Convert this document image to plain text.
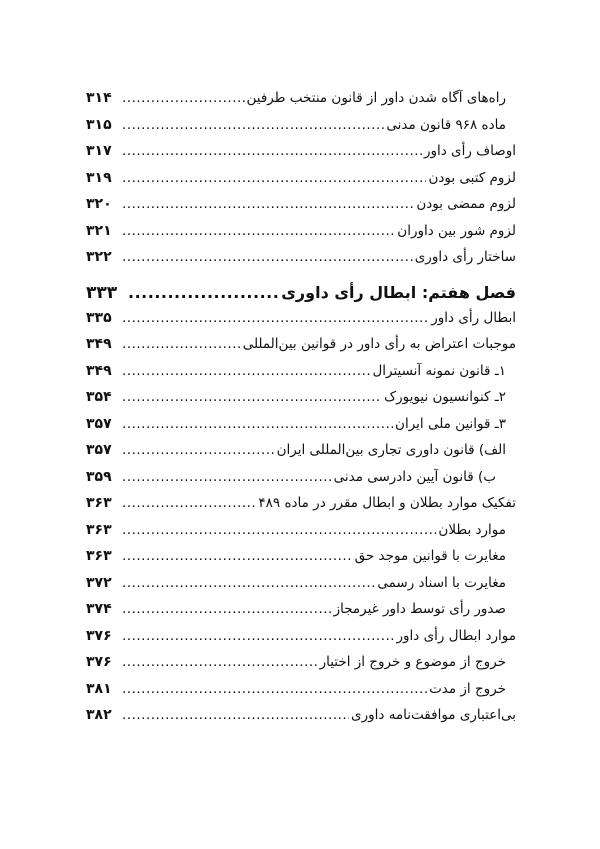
راه‌های آگاه شدن داور از قانون منتخب طرفین
.....
۳۱۴
ماده ۹۶۸ قانون مدنی
.....
۳۱۵
اوصاف رأی داور
.....
۳۱۷
لزوم کتبی بودن
.....
۳۱۹
لزوم ممضی بودن
.....
۳۲۰
لزوم شور بین داوران
.....
۳۲۱
ساختار رأی داوری
.....
۳۲۲
فصل هفتم: ابطال رأی داوری
.....
۳۳۳
ابطال رأی داور
.....
۳۳۵
موجبات اعتراض به رأی داور در قوانین بین‌المللی
.....
۳۴۹
۱ـ قانون نمونه آنسیترال
.....
۳۴۹
۲ـ کنوانسیون نیویورک
.....
۳۵۴
۳ـ قوانین ملی ایران
.....
۳۵۷
الف) قانون داوری تجاری بین‌المللی ایران
.....
۳۵۷
ب) قانون آیین دادرسی مدنی
.....
۳۵۹
تفکیک موارد بطلان و ابطال مقرر در ماده ۴۸۹
.....
۳۶۳
موارد بطلان
.....
۳۶۳
مغایرت با قوانین موجد حق
.....
۳۶۳
مغایرت با اسناد رسمی
.....
۳۷۲
صدور رأی توسط داور غیرمجاز
.....
۳۷۴
موارد ابطال رأی داور
.....
۳۷۶
خروج از موضوع و خروج از اختیار
.....
۳۷۶
خروج از مدت
.....
۳۸۱
بی‌اعتباری موافقت‌نامه داوری
.....
۳۸۲
